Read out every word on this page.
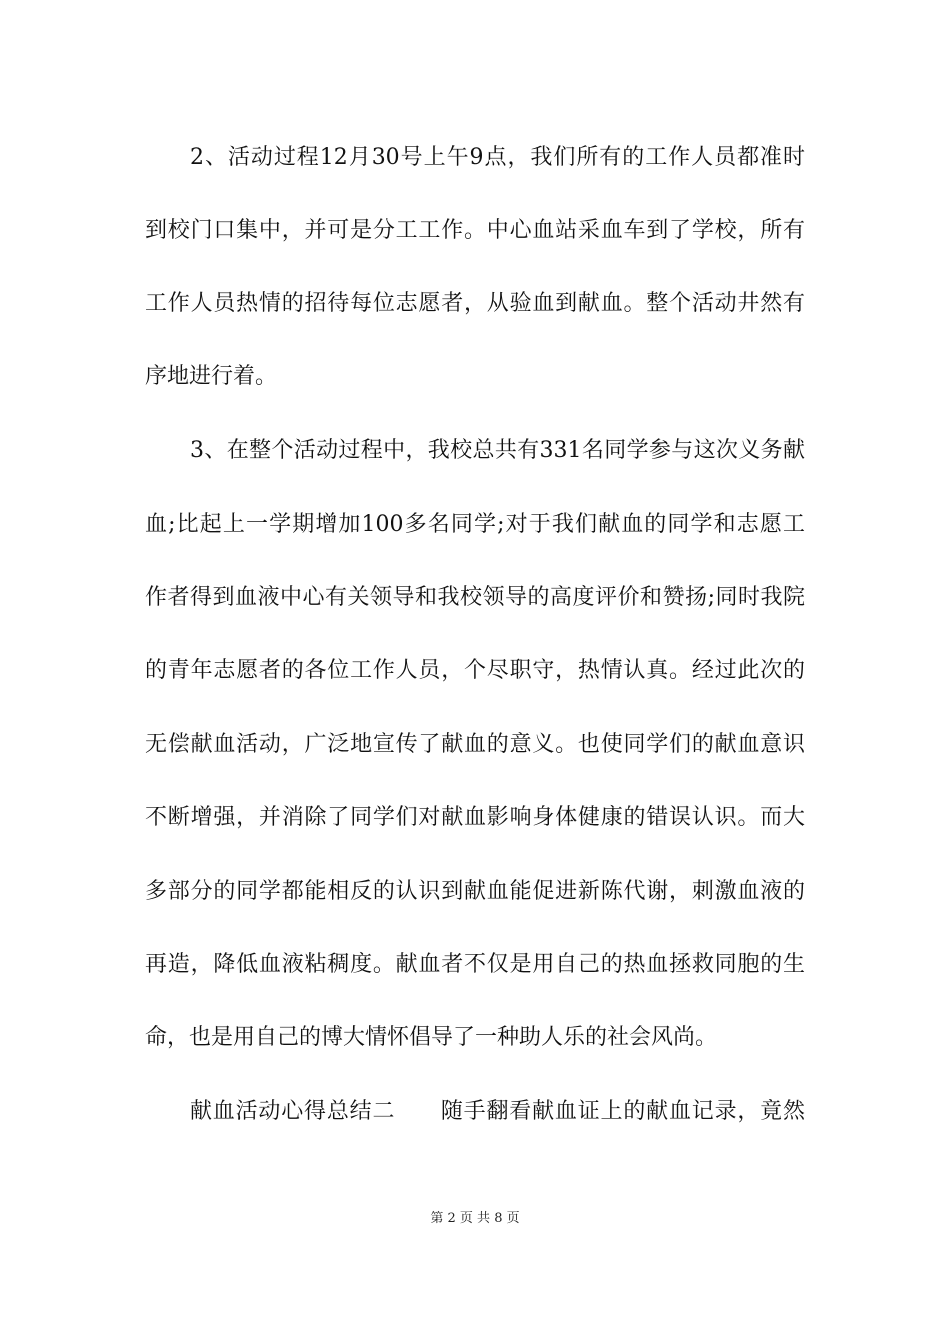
2、活动过程12月30号上午9点，我们所有的工作人员都准时
到校门口集中，并可是分工工作。中心血站采血车到了学校，所有
工作人员热情的招待每位志愿者，从验血到献血。整个活动井然有
序地进行着。
3、在整个活动过程中，我校总共有331名同学参与这次义务献
血;比起上一学期增加100多名同学;对于我们献血的同学和志愿工
作者得到血液中心有关领导和我校领导的高度评价和赞扬;同时我院
的青年志愿者的各位工作人员，个尽职守，热情认真。经过此次的
无偿献血活动，广泛地宣传了献血的意义。也使同学们的献血意识
不断增强，并消除了同学们对献血影响身体健康的错误认识。而大
多部分的同学都能相反的认识到献血能促进新陈代谢，刺激血液的
再造，降低血液粘稠度。献血者不仅是用自己的热血拯救同胞的生
命，也是用自己的博大情怀倡导了一种助人乐的社会风尚。
献血活动心得总结二　　随手翻看献血证上的献血记录，竟然
第 2 页 共 8 页
